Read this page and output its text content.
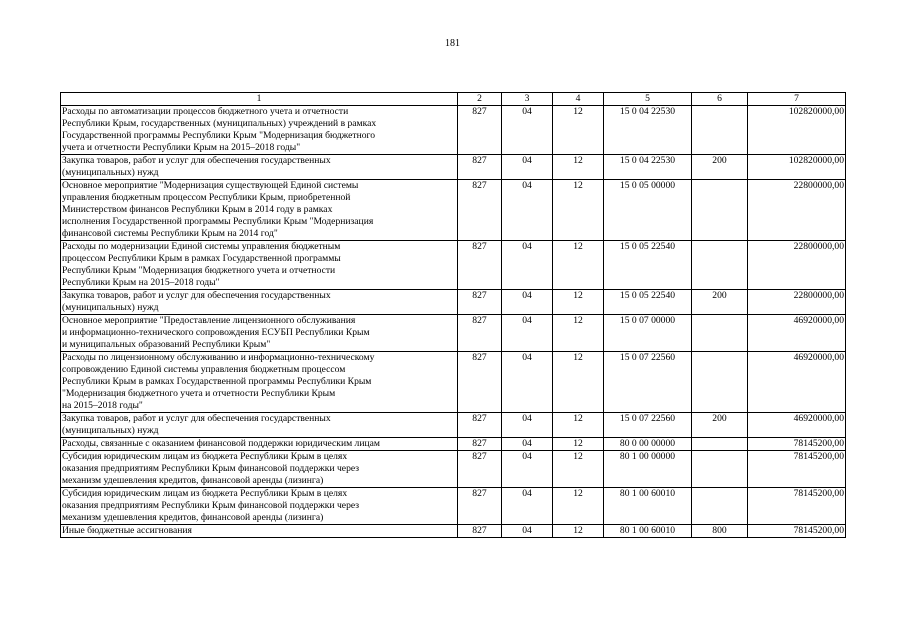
181
1	2	3	4	5	6	7
Расходы по автоматизации процессов бюджетного учета и отчетности
Республики Крым, государственных (муниципальных) учреждений в рамках
Государственной программы Республики Крым "Модернизация бюджетного
учета и отчетности Республики Крым на 2015–2018 годы"	827	04	12	15 0 04 22530		102820000,00
Закупка товаров, работ и услуг для обеспечения государственных
(муниципальных) нужд	827	04	12	15 0 04 22530	200	102820000,00
Основное мероприятие "Модернизация существующей Единой системы
управления бюджетным процессом Республики Крым, приобретенной
Министерством финансов Республики Крым в 2014 году в рамках
исполнения Государственной программы Республики Крым "Модернизация
финансовой системы Республики Крым на 2014 год"	827	04	12	15 0 05 00000		22800000,00
Расходы по модернизации Единой системы управления бюджетным
процессом Республики Крым в рамках Государственной программы
Республики Крым "Модернизация бюджетного учета и отчетности
Республики Крым на 2015–2018 годы"	827	04	12	15 0 05 22540		22800000,00
Закупка товаров, работ и услуг для обеспечения государственных
(муниципальных) нужд	827	04	12	15 0 05 22540	200	22800000,00
Основное мероприятие "Предоставление лицензионного обслуживания
и информационно-технического сопровождения ЕСУБП Республики Крым
и муниципальных образований Республики Крым"	827	04	12	15 0 07 00000		46920000,00
Расходы по лицензионному обслуживанию и информационно-техническому
сопровождению Единой системы управления бюджетным процессом
Республики Крым в рамках Государственной программы Республики Крым
"Модернизация бюджетного учета и отчетности Республики Крым
на 2015–2018 годы"	827	04	12	15 0 07 22560		46920000,00
Закупка товаров, работ и услуг для обеспечения государственных
(муниципальных) нужд	827	04	12	15 0 07 22560	200	46920000,00
Расходы, связанные с оказанием финансовой поддержки юридическим лицам	827	04	12	80 0 00 00000		78145200,00
Субсидия юридическим лицам из бюджета Республики Крым в целях
оказания предприятиям Республики Крым финансовой поддержки через
механизм удешевления кредитов, финансовой аренды (лизинга)	827	04	12	80 1 00 00000		78145200,00
Субсидия юридическим лицам из бюджета Республики Крым в целях
оказания предприятиям Республики Крым финансовой поддержки через
механизм удешевления кредитов, финансовой аренды (лизинга)	827	04	12	80 1 00 60010		78145200,00
Иные бюджетные ассигнования	827	04	12	80 1 00 60010	800	78145200,00
